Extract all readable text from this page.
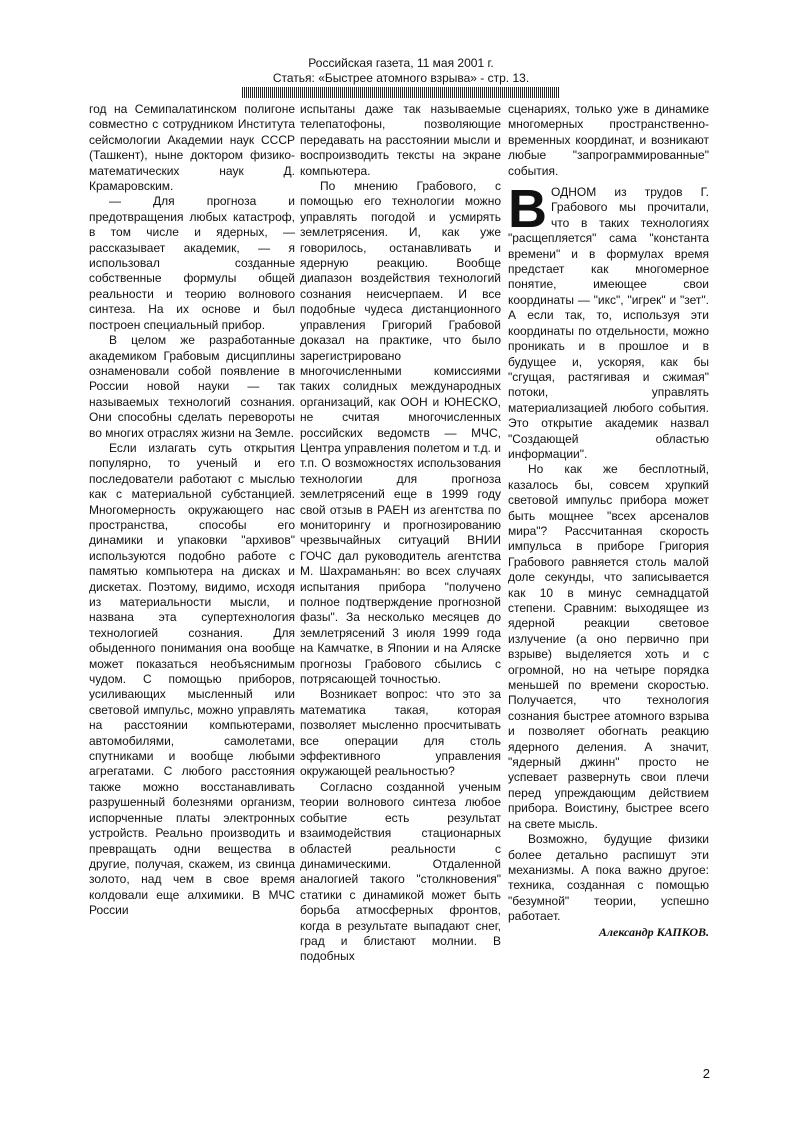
Российская газета, 11 мая 2001 г.
Статья: «Быстрее атомного взрыва» - стр. 13.

год на Семипалатинском полигоне совместно с сотрудником Института сейсмологии Академии наук СССР (Ташкент), ныне доктором физико-математических наук Д. Крамаровским.

— Для прогноза и предотвращения любых катастроф, в том числе и ядерных, — рассказывает академик, — я использовал созданные собственные формулы общей реальности и теорию волнового синтеза. На их основе и был построен специальный прибор.

В целом же разработанные академиком Грабовым дисциплины ознаменовали собой появление в России новой науки — так называемых технологий сознания. Они способны сделать перевороты во многих отраслях жизни на Земле.

Если излагать суть открытия популярно, то ученый и его последователи работают с мыслью как с материальной субстанцией. Многомерность окружающего нас пространства, способы его динамики и упаковки "архивов" используются подобно работе с памятью компьютера на дисках и дискетах. Поэтому, видимо, исходя из материальности мысли, и названа эта супертехнология технологией сознания. Для обыденного понимания она вообще может показаться необъяснимым чудом. С помощью приборов, усиливающих мысленный или световой импульс, можно управлять на расстоянии компьютерами, автомобилями, самолетами, спутниками и вообще любыми агрегатами. С любого расстояния также можно восстанавливать разрушенный болезнями организм, испорченные платы электронных устройств. Реально производить и превращать одни вещества в другие, получая, скажем, из свинца золото, над чем в свое время колдовали еще алхимики. В МЧС России

испытаны даже так называемые телепатофоны, позволяющие передавать на расстоянии мысли и воспроизводить тексты на экране компьютера.

По мнению Грабового, с помощью его технологии можно управлять погодой и усмирять землетрясения. И, как уже говорилось, останавливать и ядерную реакцию. Вообще диапазон воздействия технологий сознания неисчерпаем. И все подобные чудеса дистанционного управления Григорий Грабовой доказал на практике, что было зарегистрировано многочисленными комиссиями таких солидных международных организаций, как ООН и ЮНЕСКО, не считая многочисленных российских ведомств — МЧС, Центра управления полетом и т.д. и т.п. О возможностях использования технологии для прогноза землетрясений еще в 1999 году свой отзыв в РАЕН из агентства по мониторингу и прогнозированию чрезвычайных ситуаций ВНИИ ГОЧС дал руководитель агентства М. Шахраманьян: во всех случаях испытания прибора "получено полное подтверждение прогнозной фазы". За несколько месяцев до землетрясений 3 июля 1999 года на Камчатке, в Японии и на Аляске прогнозы Грабового сбылись с потрясающей точностью.

Возникает вопрос: что это за математика такая, которая позволяет мысленно просчитывать все операции для столь эффективного управления окружающей реальностью?

Согласно созданной ученым теории волнового синтеза любое событие есть результат взаимодействия стационарных областей реальности с динамическими. Отдаленной аналогией такого "столкновения" статики с динамикой может быть борьба атмосферных фронтов, когда в результате выпадают снег, град и блистают молнии. В подобных

сценариях, только уже в динамике многомерных пространственно-временных координат, и возникают любые "запрограммированные" события.

ВОДНОМ из трудов Г. Грабового мы прочитали, что в таких технологиях "расщепляется" сама "константа времени" и в формулах время предстает как многомерное понятие, имеющее свои координаты — "икс", "игрек" и "зет". А если так, то, используя эти координаты по отдельности, можно проникать и в прошлое и в будущее и, ускоряя, как бы "сгущая, растягивая и сжимая" потоки, управлять материализацией любого события. Это открытие академик назвал "Создающей областью информации".

Но как же бесплотный, казалось бы, совсем хрупкий световой импульс прибора может быть мощнее "всех арсеналов мира"? Рассчитанная скорость импульса в приборе Григория Грабового равняется столь малой доле секунды, что записывается как 10 в минус семнадцатой степени. Сравним: выходящее из ядерной реакции световое излучение (а оно первично при взрыве) выделяется хоть и с огромной, но на четыре порядка меньшей по времени скоростью. Получается, что технология сознания быстрее атомного взрыва и позволяет обогнать реакцию ядерного деления. А значит, "ядерный джинн" просто не успевает развернуть свои плечи перед упреждающим действием прибора. Воистину, быстрее всего на свете мысль.

Возможно, будущие физики более детально распишут эти механизмы. А пока важно другое: техника, созданная с помощью "безумной" теории, успешно работает.

Александр КАПКОВ.

2
